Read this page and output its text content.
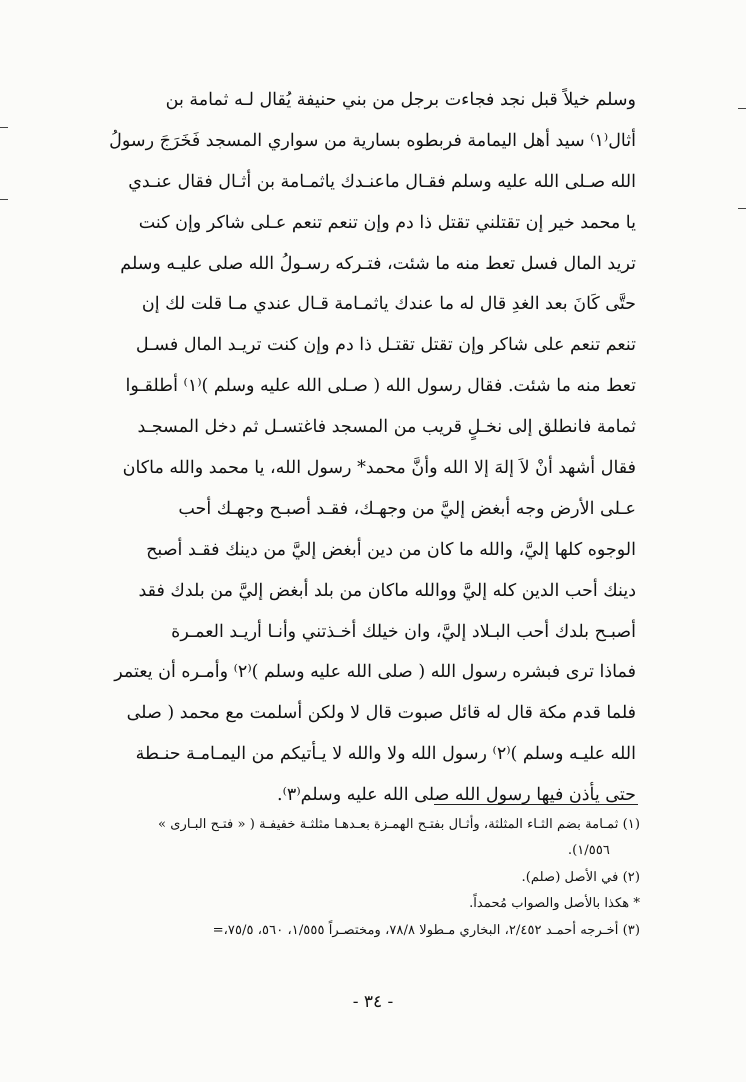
وسلم خيلاً قبل نجد فجاءت برجل من بني حنيفة يُقال لـه ثمامة بن
أثال⁽١⁾ سيد أهل اليمامة فربطوه بسارية من سواري المسجد فَخَرَجَ رسولُ
الله صـلى الله عليه وسلم فقـال ماعنـدك ياثمـامة بن أثـال فقال عنـدي
يا محمد خير إن تقتلني تقتل ذا دم وإن تنعم تنعم عـلى شاكر وإن كنت
تريد المال فسل تعط منه ما شئت، فتـركه رسـولُ الله صلى عليـه وسلم
حتَّى كَانَ بعد الغدِ قال له ما عندك ياثمـامة قـال عندي مـا قلت لك إن
تنعم تنعم على شاكر وإن تقتل تقتـل ذا دم وإن كنت تريـد المال فسـل
تعط منه ما شئت. فقال رسول الله ( صـلى الله عليه وسلم )⁽١⁾ أطلقـوا
ثمامة فانطلق إلى نخـلٍ قريب من المسجد فاغتسـل ثم دخل المسجـد
فقال أشهد أنْ لاَ إلهَ إلا الله وأنَّ محمد* رسول الله، يا محمد والله ماكان
عـلى الأرض وجه أبغض إليَّ من وجهـك، فقـد أصبـح وجهـك أحب
الوجوه كلها إليَّ، والله ما كان من دين أبغض إليَّ من دينك فقـد أصبح
دينك أحب الدين كله إليَّ ووالله ماكان من بلد أبغض إليَّ من بلدك فقد
أصبـح بلدك أحب البـلاد إليَّ، وان خيلك أخـذتني وأنـا أريـد العمـرة
فماذا ترى فبشره رسول الله ( صلى الله عليه وسلم )⁽٢⁾ وأمـره أن يعتمر
فلما قدم مكة قال له قائل صبوت قال لا ولكن أسلمت مع محمد ( صلى
الله عليـه وسلم )⁽٢⁾ رسول الله ولا والله لا يـأتيكم من اليمـامـة حنـطة
حتى يأذن فيها رسول الله صلى الله عليه وسلم⁽٣⁾.
(١) ثمـامة بضم الثـاء المثلثة، وأثـال بفتـح الهمـزة بعـدهـا مثلثـة خفيفـة ( « فتـح البـارى »
١/٥٥٦).
(٢) في الأصل (صلم).
* هكذا بالأصل والصواب مُحمداً.
(٣) أخـرجه أحمـد ٢/٤٥٢، البخاري مـطولا ٧٨/٨، ومختصـراً ١/٥٥٥، ٥٦٠، ٧٥/٥،=
- ٣٤ -
